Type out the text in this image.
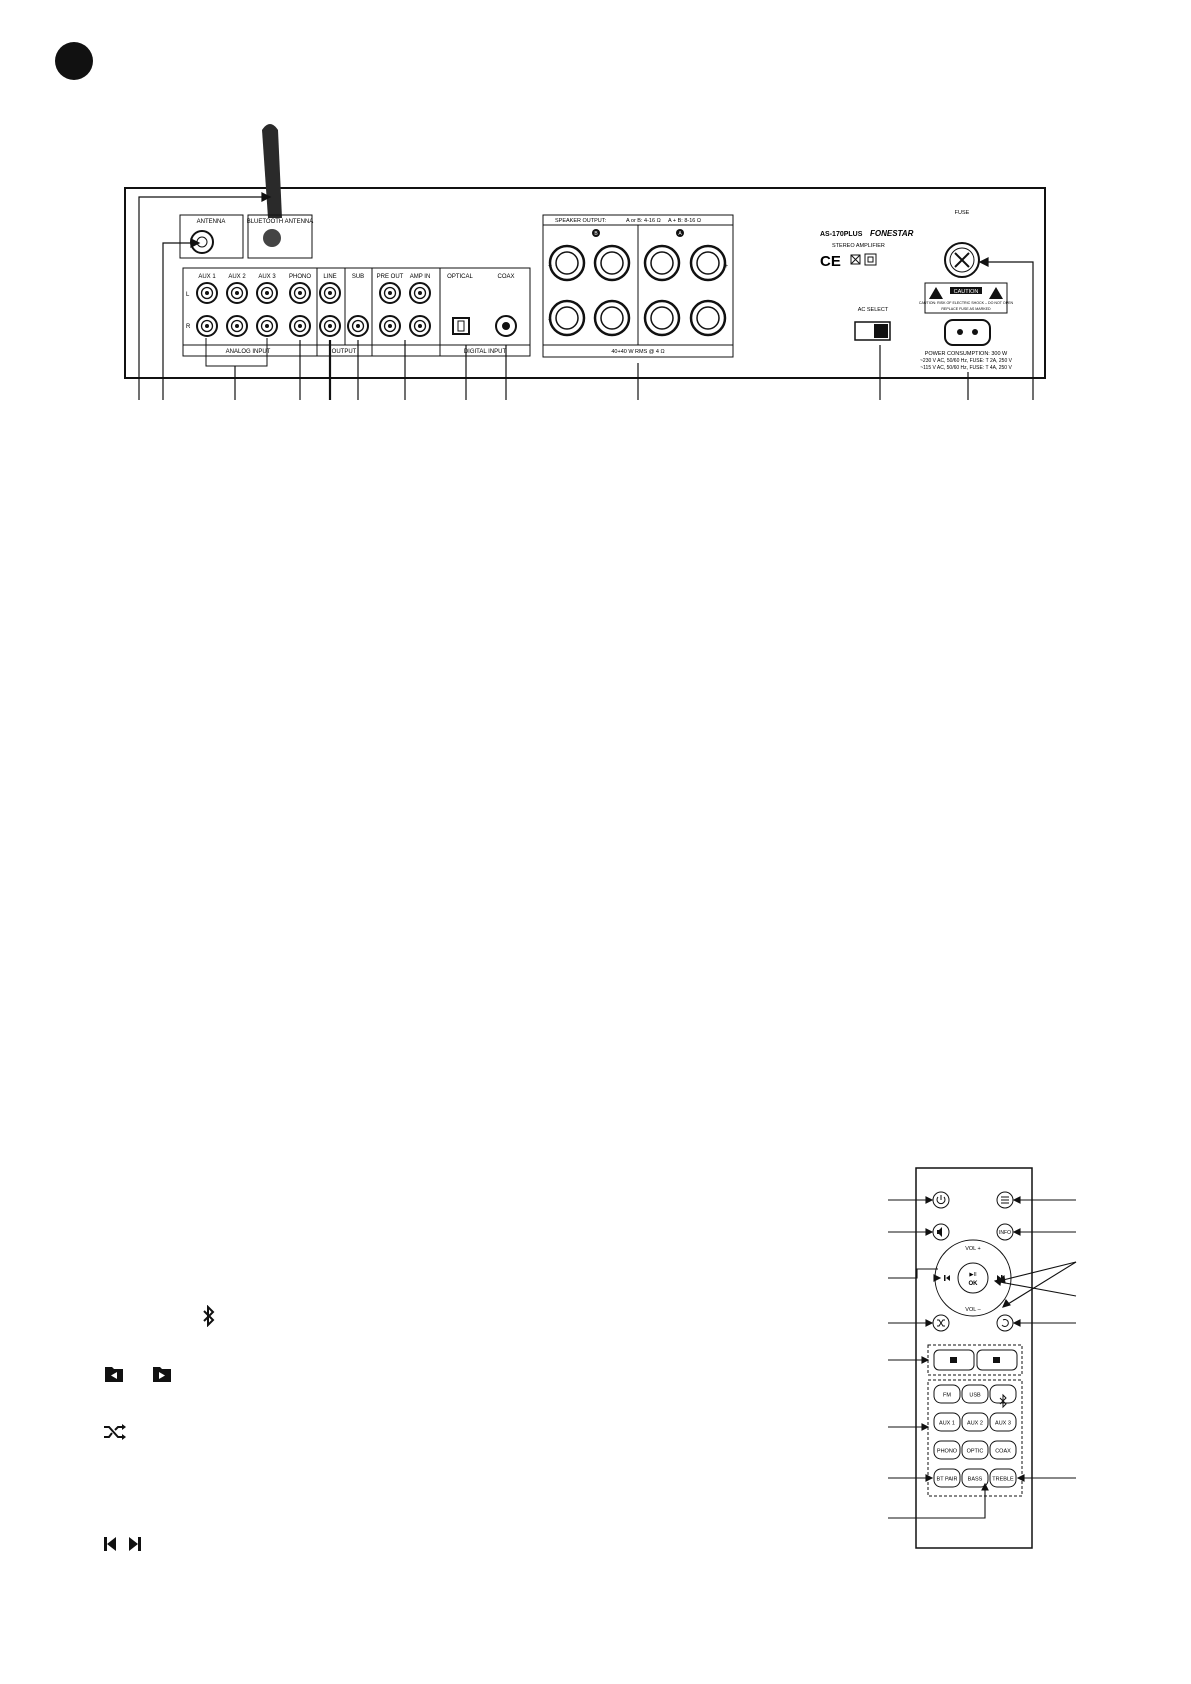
ANTENNA	BLUETOOTH ANTENNA
AUX 1 AUX 2 AUX 3 PHONO LINE	SUB PRE OUT AMP IN	OPTICAL	COAX
L
R
ANALOG INPUT	OUTPUT	DIGITAL INPUT
SPEAKER OUTPUT:	A or B: 4-16 Ω A + B: 8-16 Ω
40+40 W RMS @ 4 Ω
B	A
+
-
+
-
AS-170PLUS FONESTAR
STEREO AMPLIFIER
CE
AC SELECT
FUSE
CAUTION
CAUTION: RISK OF ELECTRIC SHOCK – DO NOT OPEN
REPLACE FUSE AS MARKED
POWER CONSUMPTION: 300 W
~230 V AC, 50/60 Hz, FUSE: T 2A, 250 V
~115 V AC, 50/60 Hz, FUSE: T 4A, 250 V
INFO
▶II
OK
VOL +
VOL –
FM	USB
AUX 1 AUX 2 AUX 3
PHONO OPTIC COAX
BT PAIR BASS TREBLE
